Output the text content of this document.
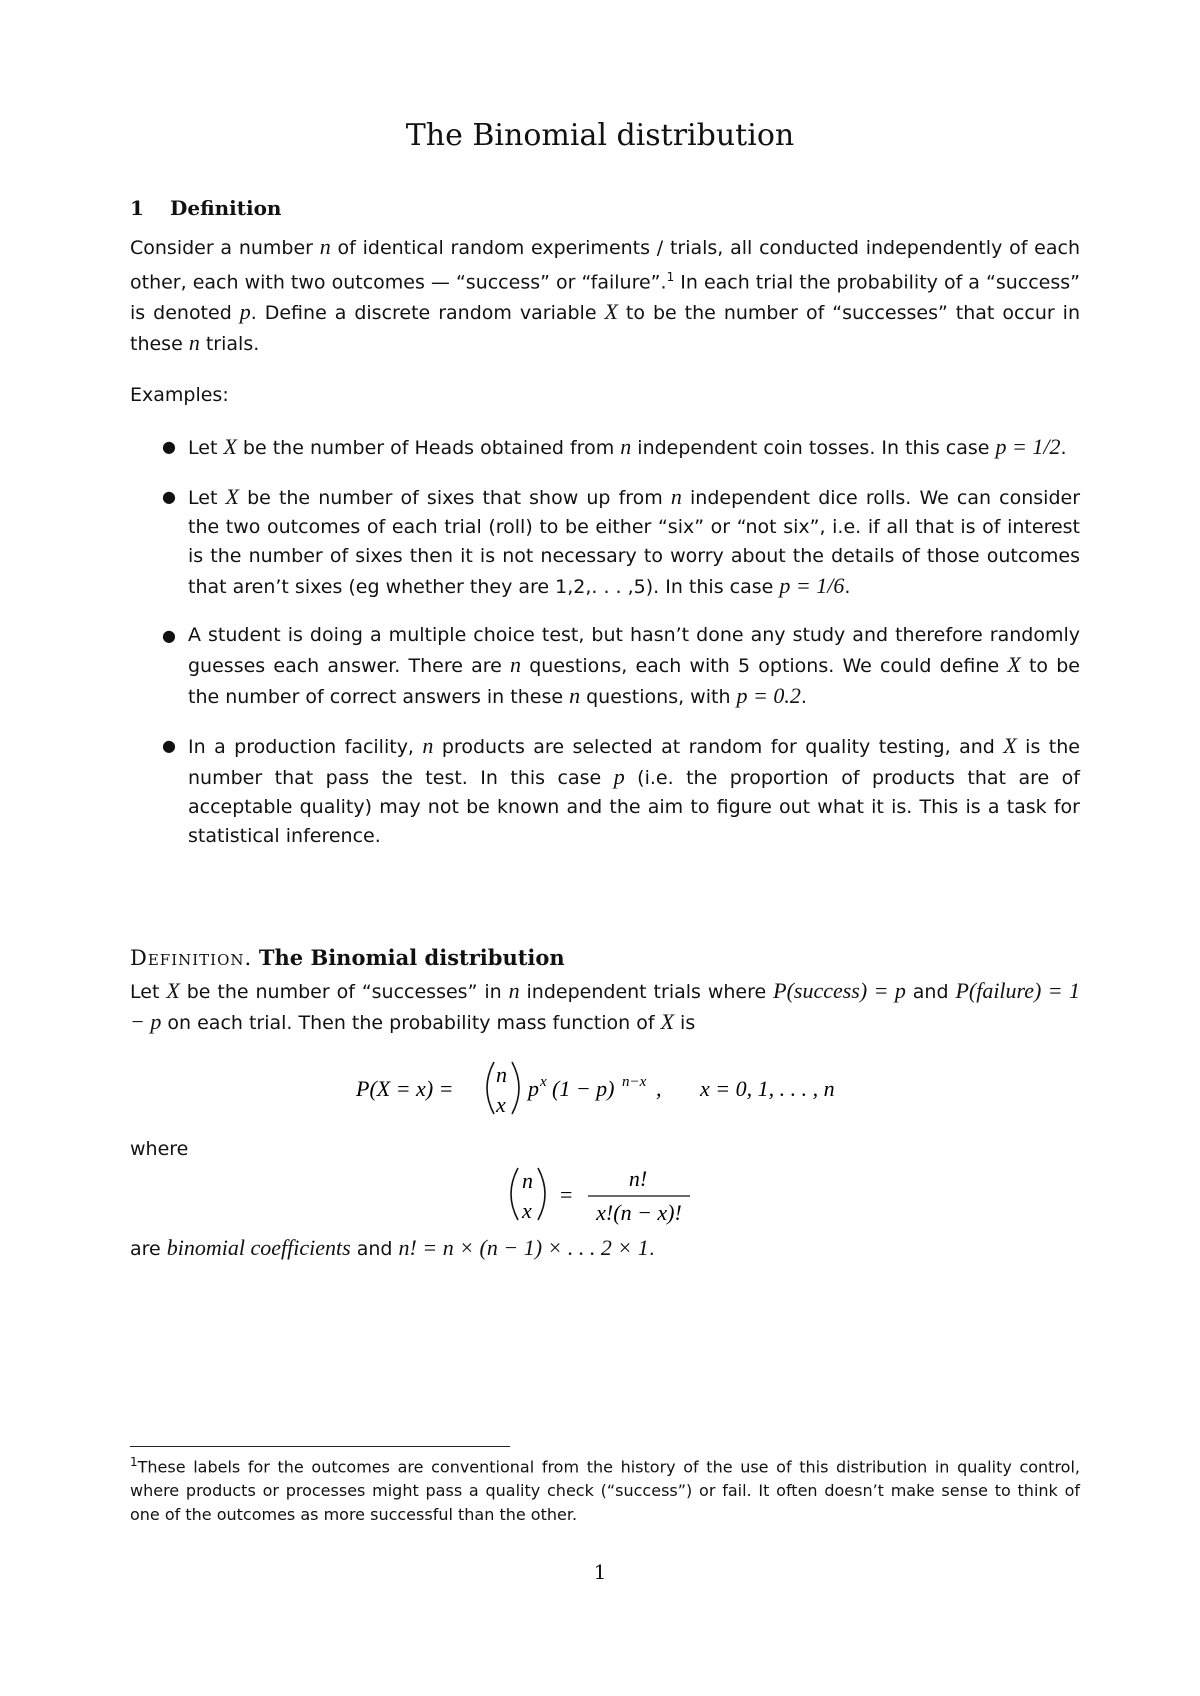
The Binomial distribution
1 Definition
Consider a number n of identical random experiments / trials, all conducted independently of each other, each with two outcomes — “success” or “failure”.$^1$ In each trial the probability of a “success” is denoted p. Define a discrete random variable X to be the number of “successes” that occur in these n trials.
Examples:
● Let X be the number of Heads obtained from n independent coin tosses. In this case p = 1/2.
● Let X be the number of sixes that show up from n independent dice rolls. We can consider the two outcomes of each trial (roll) to be either “six” or “not six”, i.e. if all that is of interest is the number of sixes then it is not necessary to worry about the details of those outcomes that aren’t sixes (eg whether they are 1,2,. . . ,5). In this case p = 1/6.
● A student is doing a multiple choice test, but hasn’t done any study and therefore randomly guesses each answer. There are n questions, each with 5 options. We could define X to be the number of correct answers in these n questions, with p = 0.2.
● In a production facility, n products are selected at random for quality testing, and X is the number that pass the test. In this case p (i.e. the proportion of products that are of acceptable quality) may not be known and the aim to figure out what it is. This is a task for statistical inference.
Definition. The Binomial distribution
Let X be the number of “successes” in n independent trials where P(success) = p and P(failure) = 1 − p on each trial. Then the probability mass function of X is
P(X = x) =
n
x
p x (1 − p) n−x , x = 0, 1, . . . , n
where
n
x
=
n!
x!(n − x)!
are binomial coefficients and n! = n × (n − 1) × . . . 2 × 1.
$^1$These labels for the outcomes are conventional from the history of the use of this distribution in quality control, where products or processes might pass a quality check (“success”) or fail. It often doesn’t make sense to think of one of the outcomes as more successful than the other.
1
